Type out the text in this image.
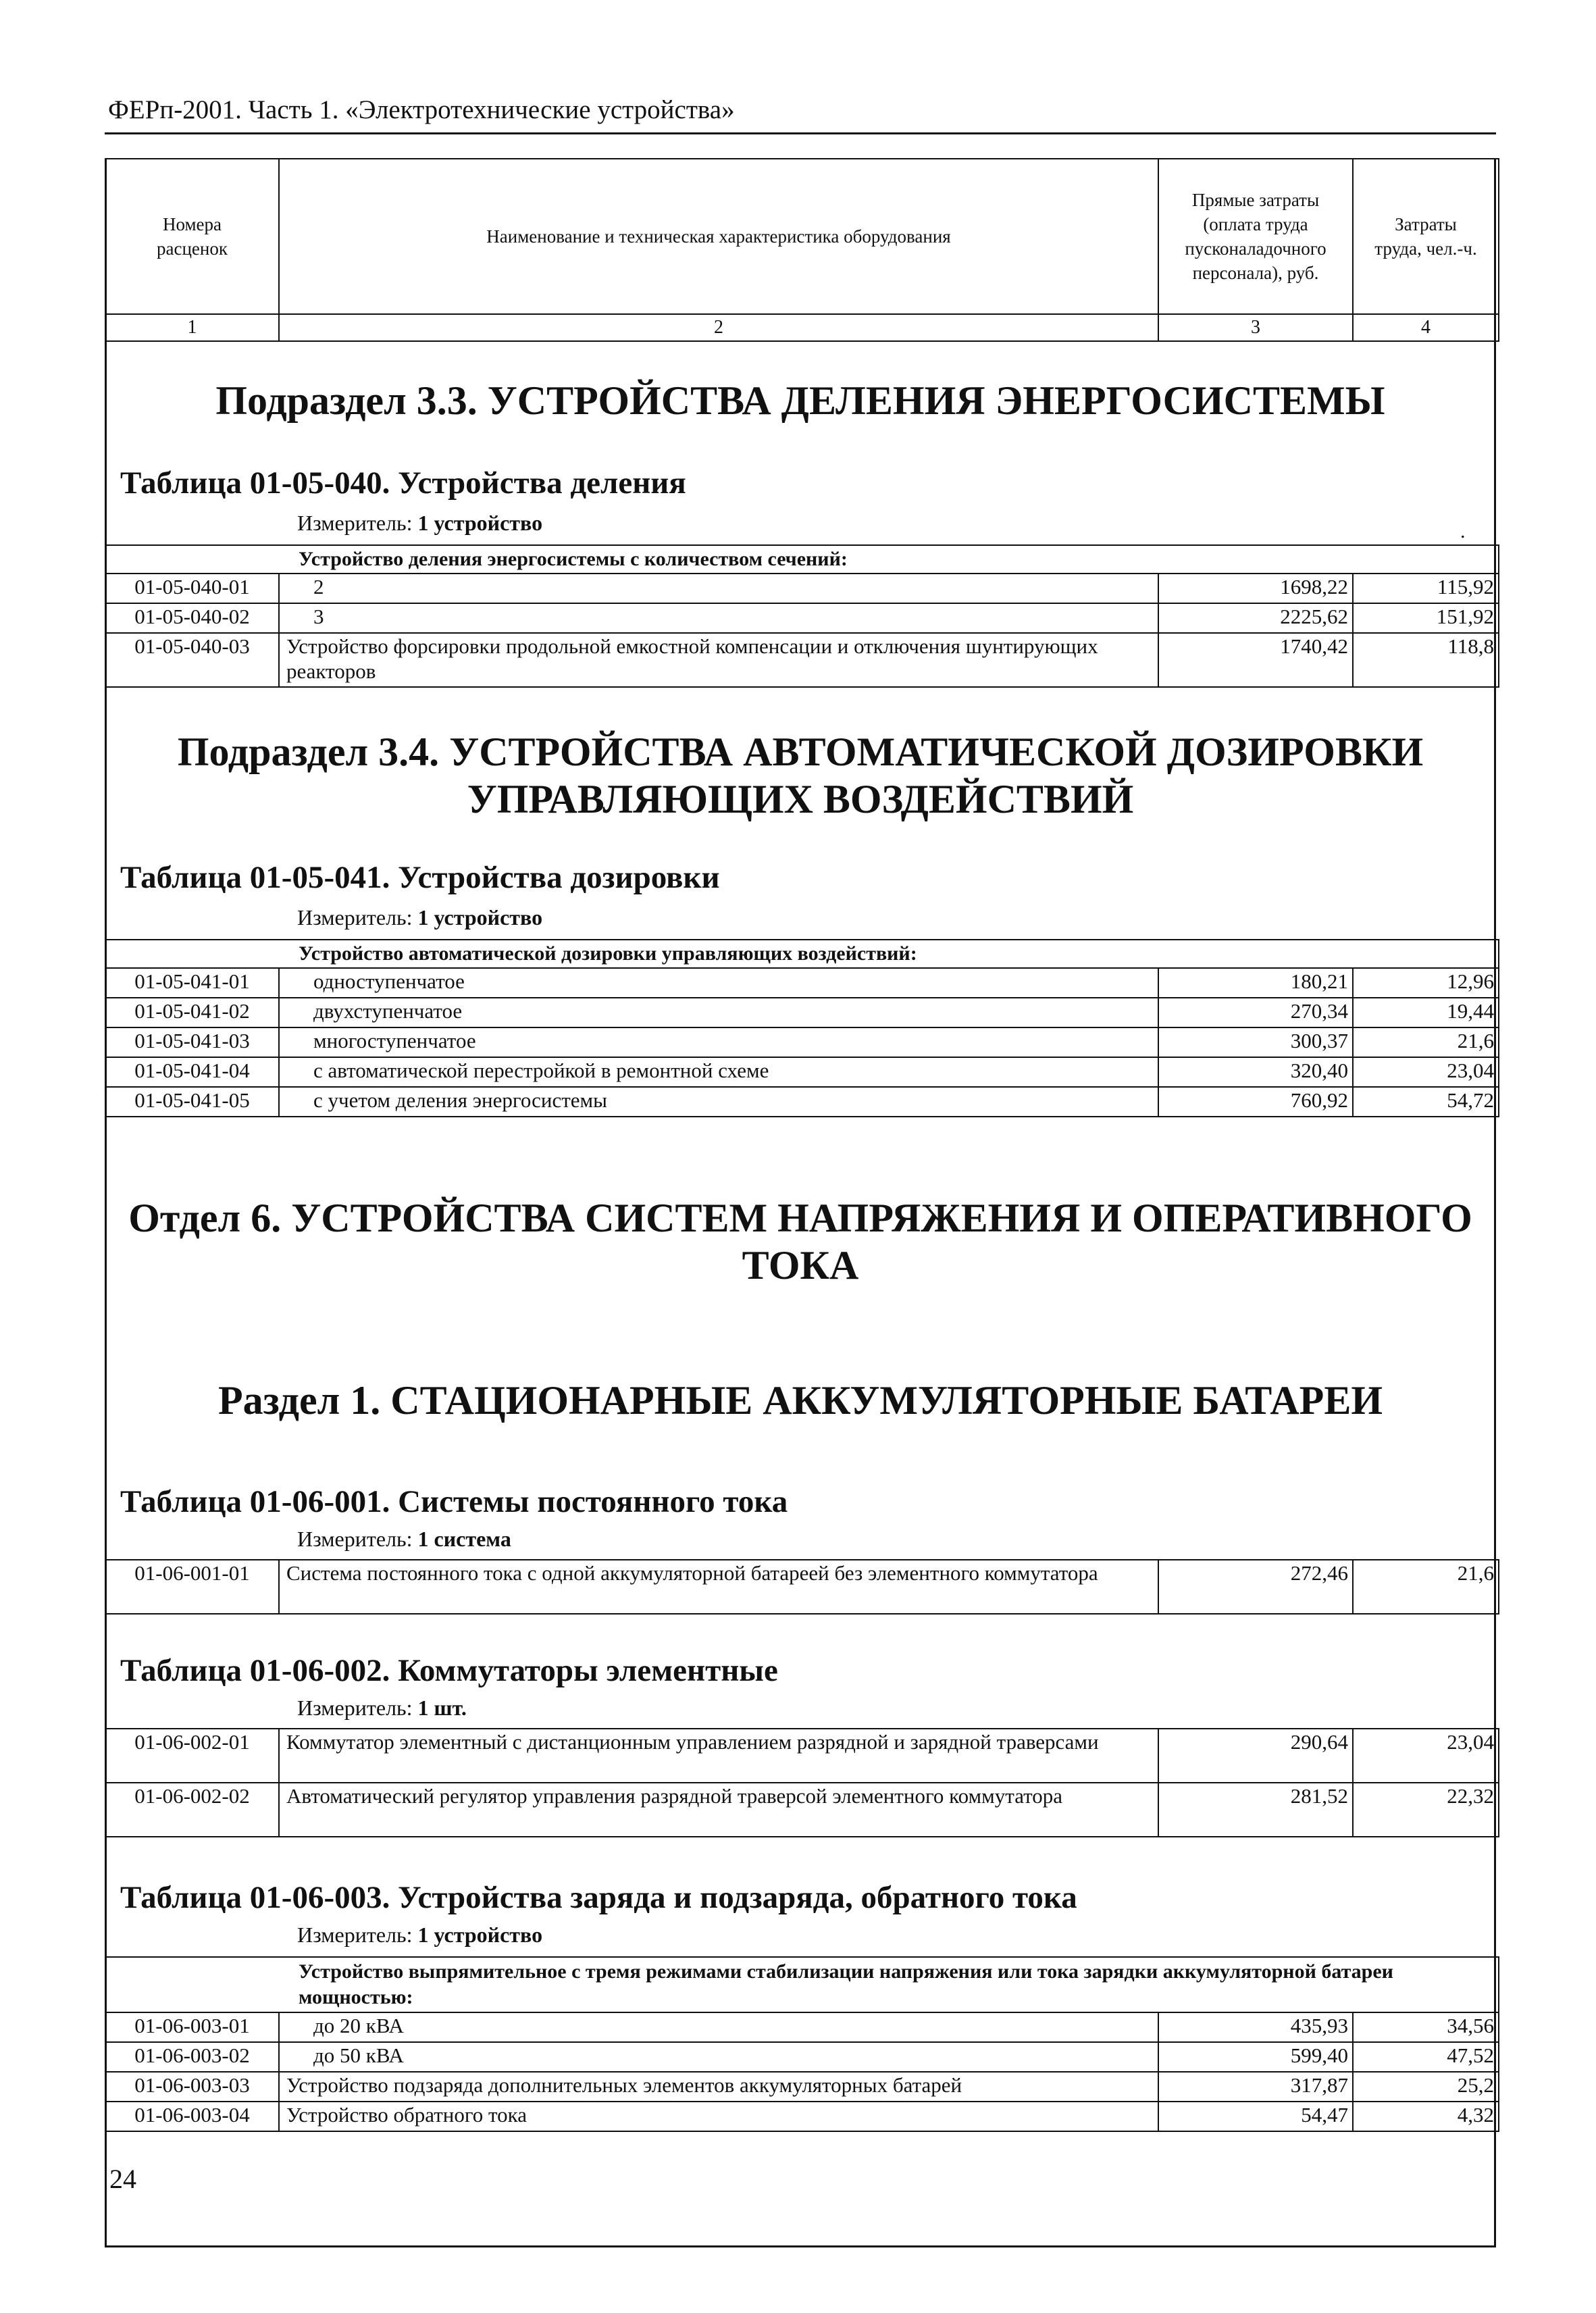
ФЕРп-2001. Часть 1. «Электротехнические устройства»
Номера расценок	Наименование и техническая характеристика оборудования	Прямые затраты (оплата труда пусконаладочного персонала), руб.	Затраты труда, чел.-ч.
1	2	3	4
Подраздел 3.3. УСТРОЙСТВА ДЕЛЕНИЯ ЭНЕРГОСИСТЕМЫ
Таблица 01-05-040. Устройства деления
Измеритель: 1 устройство	.
Устройство деления энергосистемы с количеством сечений:			
01-05-040-01	2	1698,22	115,92
01-05-040-02	3	2225,62	151,92
01-05-040-03	Устройство форсировки продольной емкостной компенсации и отключения шунтирующих реакторов	1740,42	118,8
Подраздел 3.4. УСТРОЙСТВА АВТОМАТИЧЕСКОЙ ДОЗИРОВКИ
УПРАВЛЯЮЩИХ ВОЗДЕЙСТВИЙ
Таблица 01-05-041. Устройства дозировки
Измеритель: 1 устройство
Устройство автоматической дозировки управляющих воздействий:			
01-05-041-01	одноступенчатое	180,21	12,96
01-05-041-02	двухступенчатое	270,34	19,44
01-05-041-03	многоступенчатое	300,37	21,6
01-05-041-04	с автоматической перестройкой в ремонтной схеме	320,40	23,04
01-05-041-05	с учетом деления энергосистемы	760,92	54,72
Отдел 6. УСТРОЙСТВА СИСТЕМ НАПРЯЖЕНИЯ И ОПЕРАТИВНОГО
ТОКА
Раздел 1. СТАЦИОНАРНЫЕ АККУМУЛЯТОРНЫЕ БАТАРЕИ
Таблица 01-06-001. Системы постоянного тока
Измеритель: 1 система
01-06-001-01	Система постоянного тока с одной аккумуляторной батареей без элементного коммутатора	272,46	21,6
Таблица 01-06-002. Коммутаторы элементные
Измеритель: 1 шт.
01-06-002-01	Коммутатор элементный с дистанционным управлением разрядной и зарядной траверсами	290,64	23,04
01-06-002-02	Автоматический регулятор управления разрядной траверсой элементного коммутатора	281,52	22,32
Таблица 01-06-003. Устройства заряда и подзаряда, обратного тока
Измеритель: 1 устройство
Устройство выпрямительное с тремя режимами стабилизации напряжения или тока зарядки аккумуляторной батареи мощностью:			
01-06-003-01	до 20 кВА	435,93	34,56
01-06-003-02	до 50 кВА	599,40	47,52
01-06-003-03	Устройство подзаряда дополнительных элементов аккумуляторных батарей	317,87	25,2
01-06-003-04	Устройство обратного тока	54,47	4,32
24
